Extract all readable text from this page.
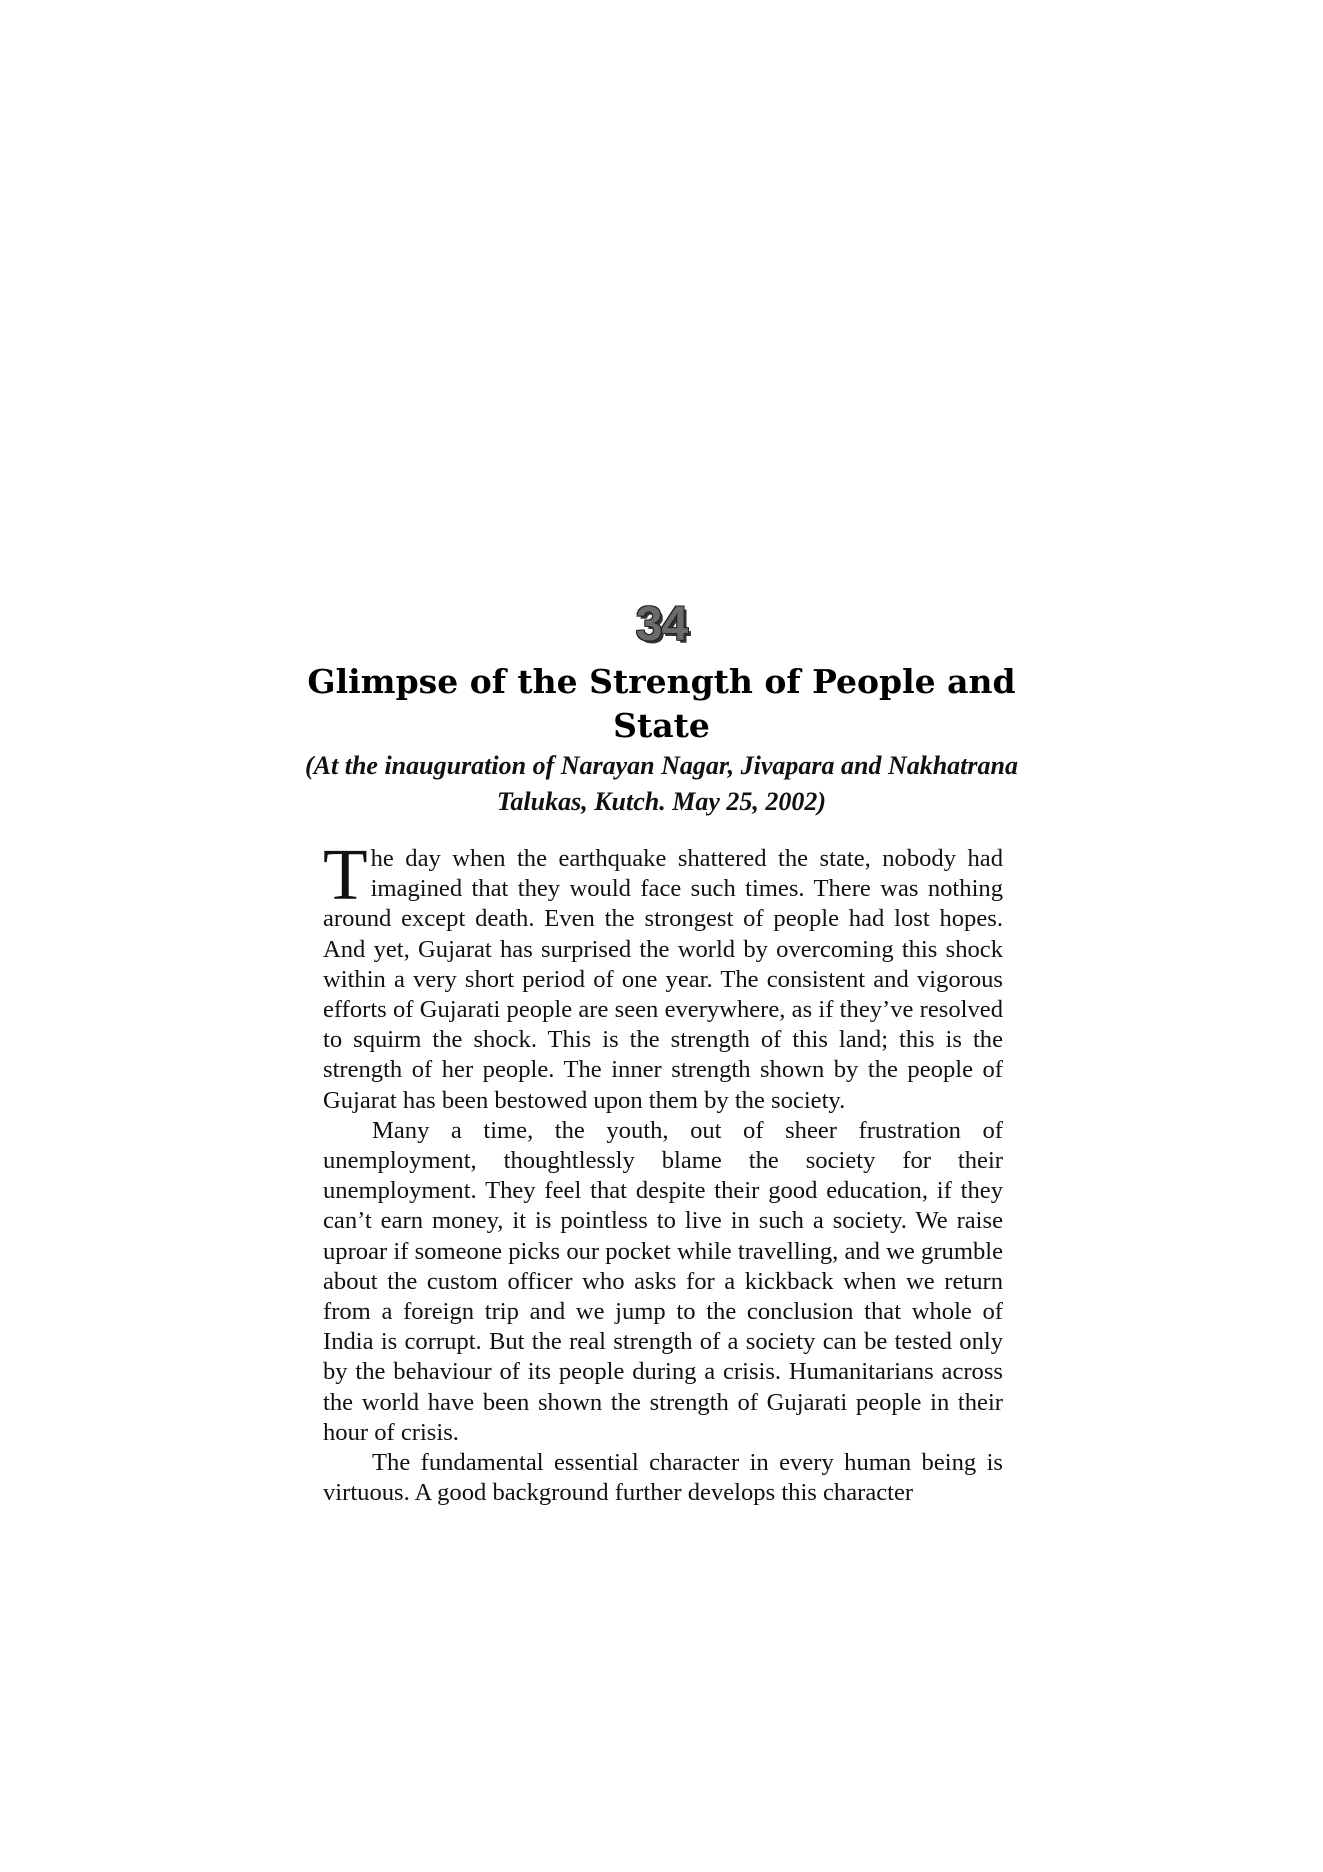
34
Glimpse of the Strength of People and State
(At the inauguration of Narayan Nagar, Jivapara and Nakhatrana Talukas, Kutch. May 25, 2002)

The day when the earthquake shattered the state, nobody had imagined that they would face such times. There was nothing around except death. Even the strongest of people had lost hopes. And yet, Gujarat has surprised the world by overcoming this shock within a very short period of one year. The consistent and vigorous efforts of Gujarati people are seen everywhere, as if they’ve resolved to squirm the shock. This is the strength of this land; this is the strength of her people. The inner strength shown by the people of Gujarat has been bestowed upon them by the society.

Many a time, the youth, out of sheer frustration of unemployment, thoughtlessly blame the society for their unemployment. They feel that despite their good education, if they can’t earn money, it is pointless to live in such a society. We raise uproar if someone picks our pocket while travelling, and we grumble about the custom officer who asks for a kickback when we return from a foreign trip and we jump to the conclusion that whole of India is corrupt. But the real strength of a society can be tested only by the behaviour of its people during a crisis. Humanitarians across the world have been shown the strength of Gujarati people in their hour of crisis.

The fundamental essential character in every human being is virtuous. A good background further develops this character
